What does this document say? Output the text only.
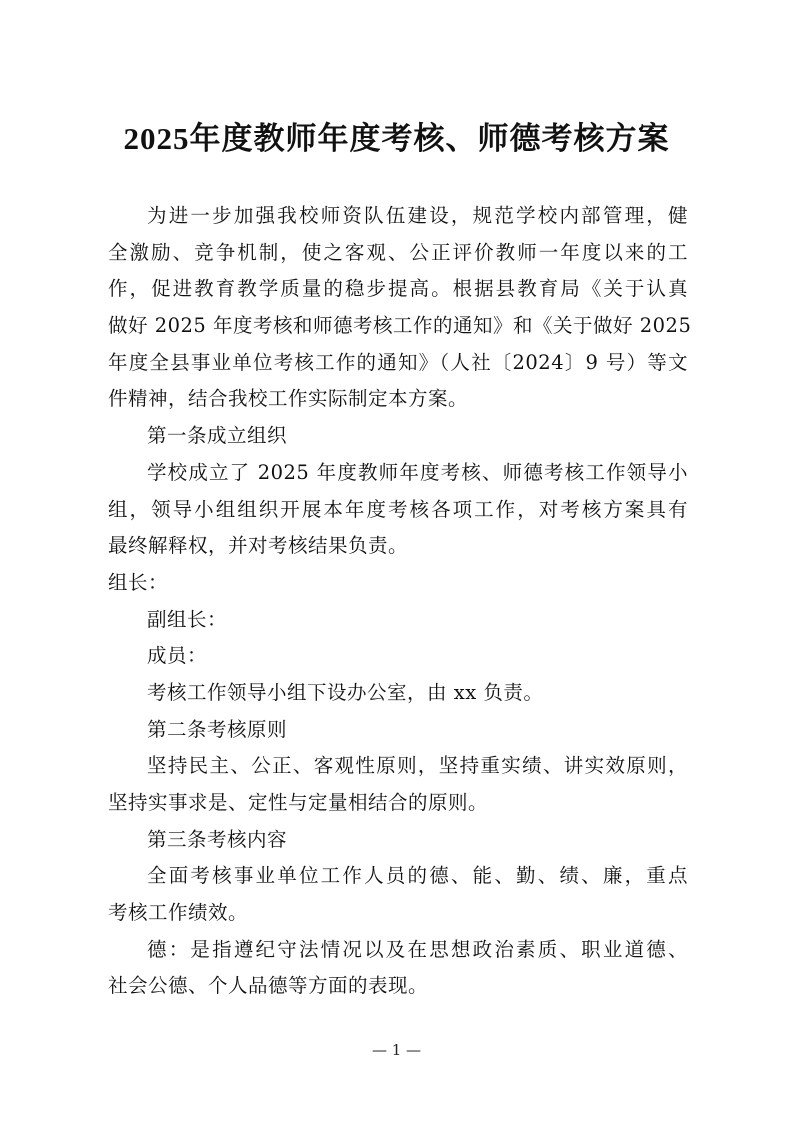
2025年度教师年度考核、师德考核方案
为进一步加强我校师资队伍建设，规范学校内部管理，健
全激励、竞争机制，使之客观、公正评价教师一年度以来的工
作，促进教育教学质量的稳步提高。根据县教育局《关于认真
做好 2025 年度考核和师德考核工作的通知》和《关于做好 2025
年度全县事业单位考核工作的通知》（人社〔2024〕9 号）等文
件精神，结合我校工作实际制定本方案。
第一条成立组织
学校成立了 2025 年度教师年度考核、师德考核工作领导小
组，领导小组组织开展本年度考核各项工作，对考核方案具有
最终解释权，并对考核结果负责。
组长：
副组长：
成员：
考核工作领导小组下设办公室，由 xx 负责。
第二条考核原则
坚持民主、公正、客观性原则，坚持重实绩、讲实效原则，
坚持实事求是、定性与定量相结合的原则。
第三条考核内容
全面考核事业单位工作人员的德、能、勤、绩、廉，重点
考核工作绩效。
德：是指遵纪守法情况以及在思想政治素质、职业道德、
社会公德、个人品德等方面的表现。
— 1 —
